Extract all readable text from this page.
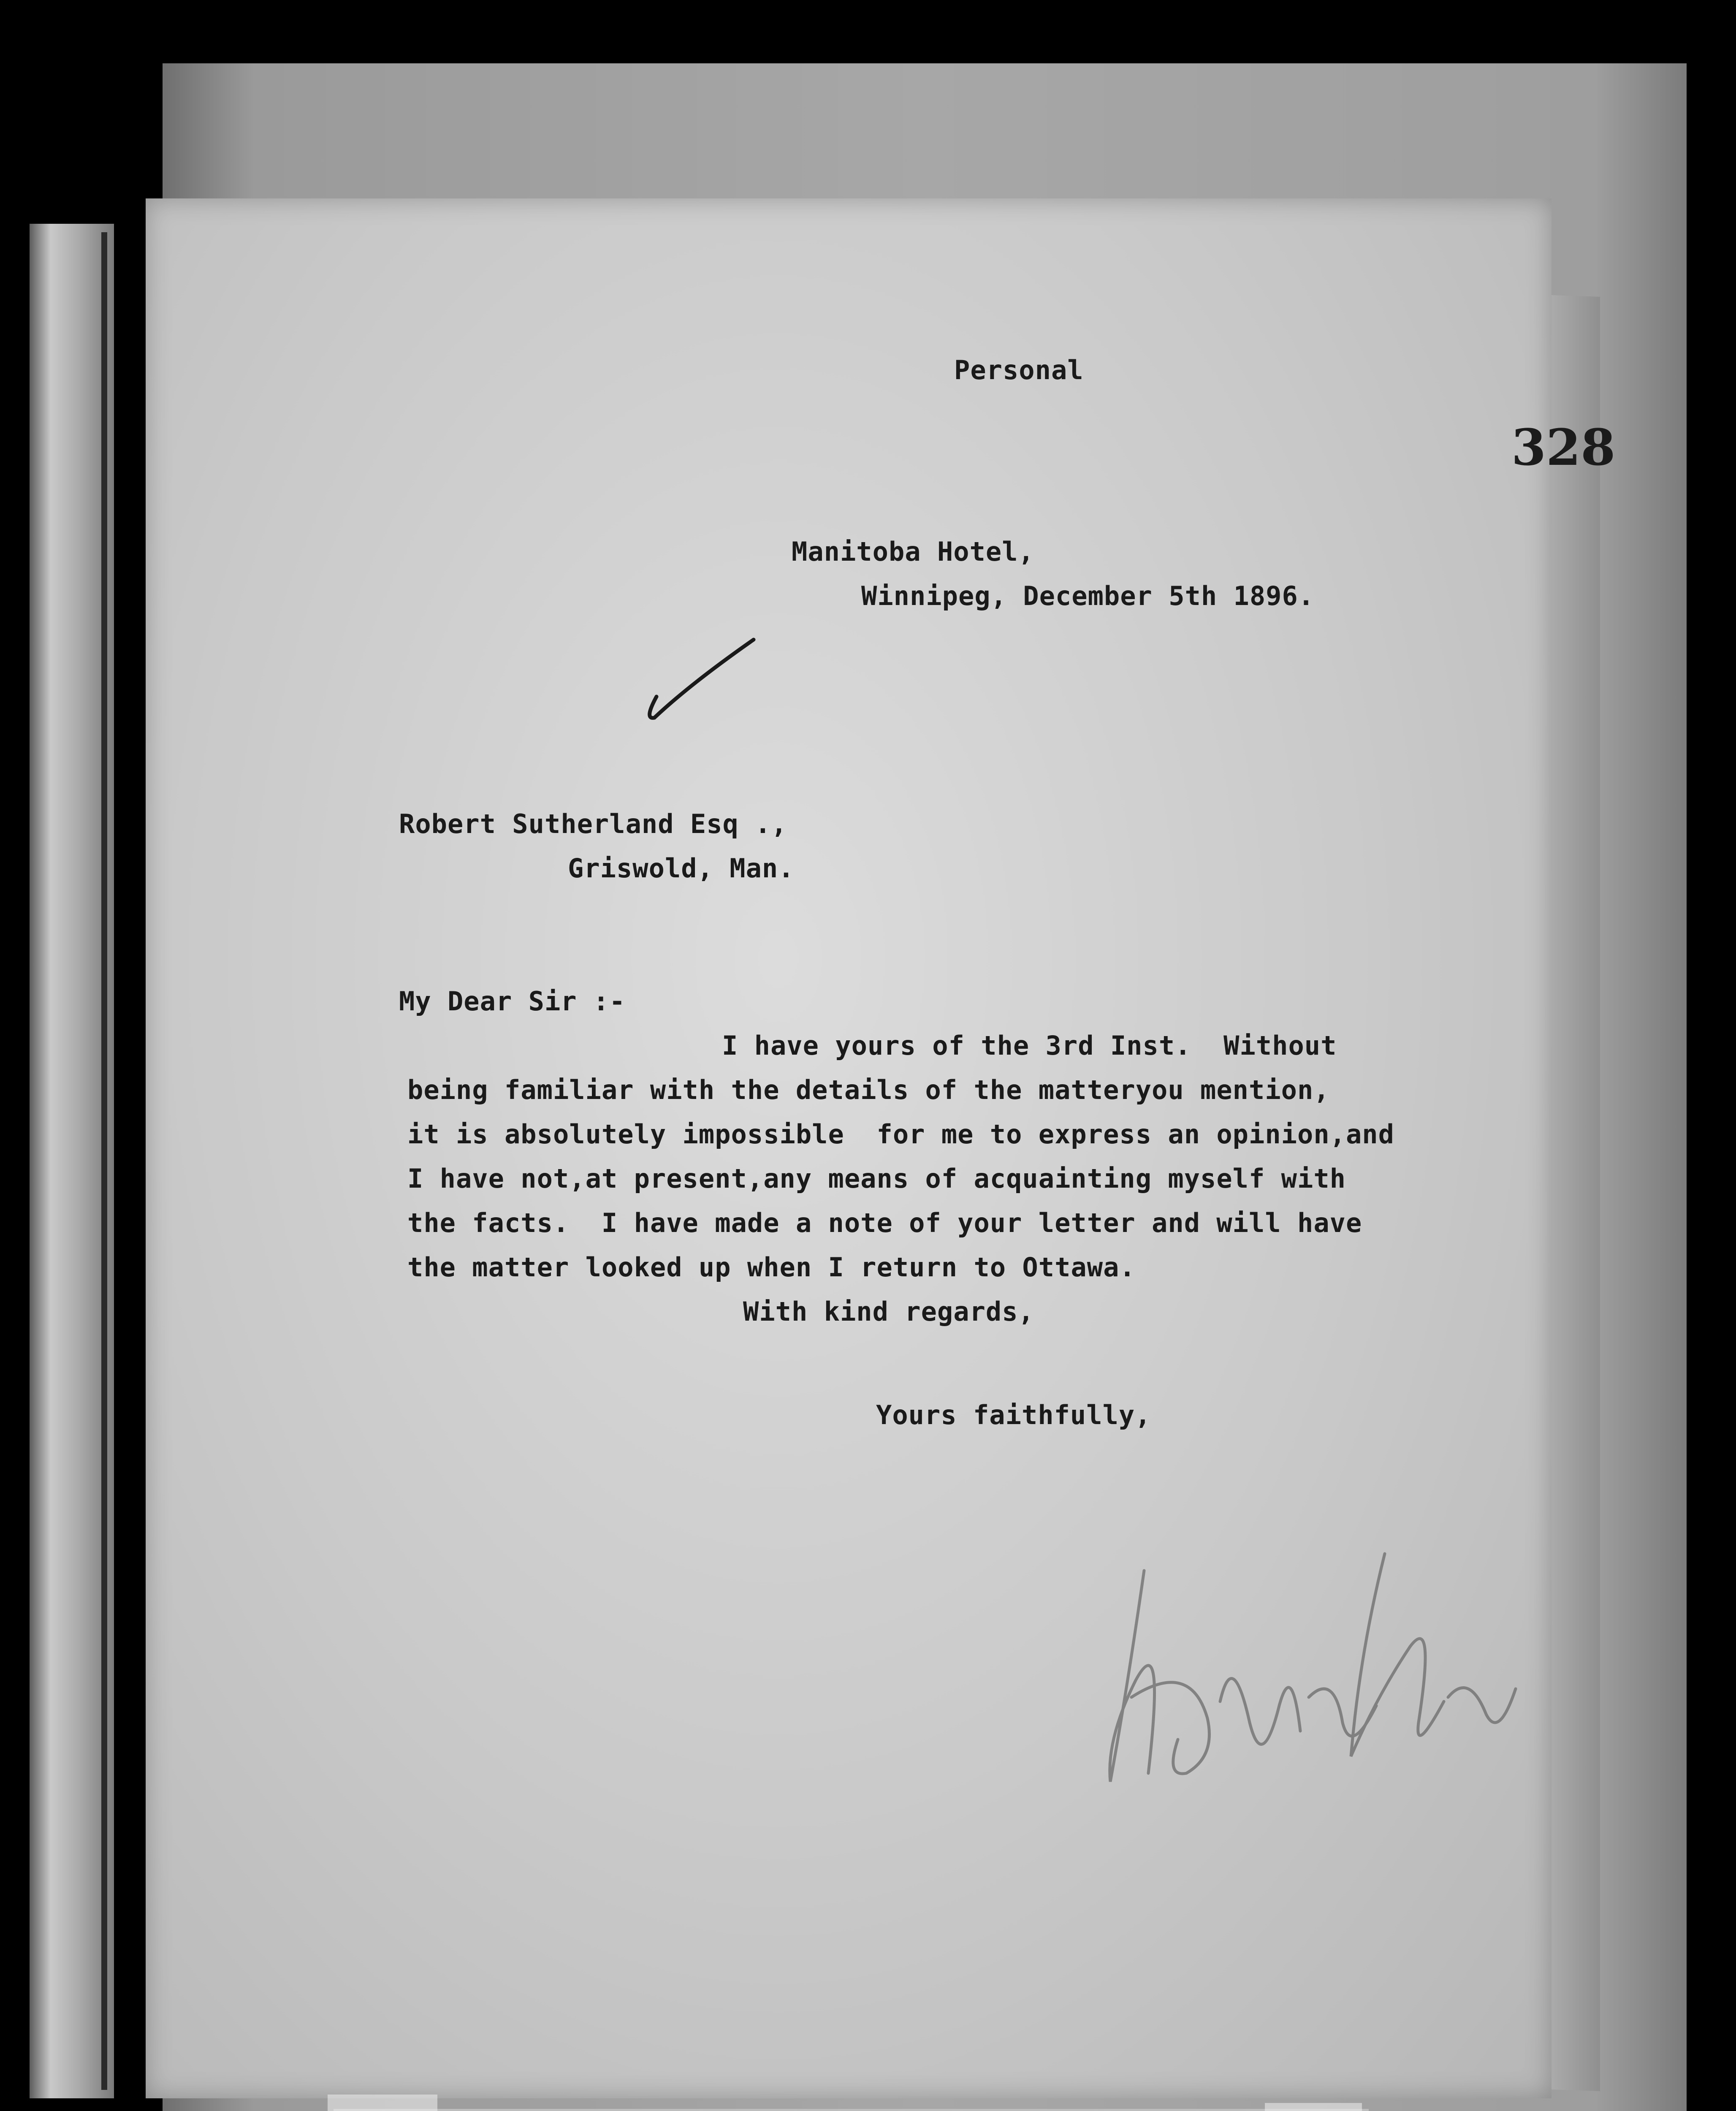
328
Personal
Manitoba Hotel,
Winnipeg, December 5th 1896.
Robert Sutherland Esq .,
Griswold, Man.
My Dear Sir :-
I have yours of the 3rd Inst.  Without
being familiar with the details of the matteryou mention,
it is absolutely impossible  for me to express an opinion,and
I have not,at present,any means of acquainting myself with
the facts.  I have made a note of your letter and will have
the matter looked up when I return to Ottawa.
With kind regards,
Yours faithfully,
